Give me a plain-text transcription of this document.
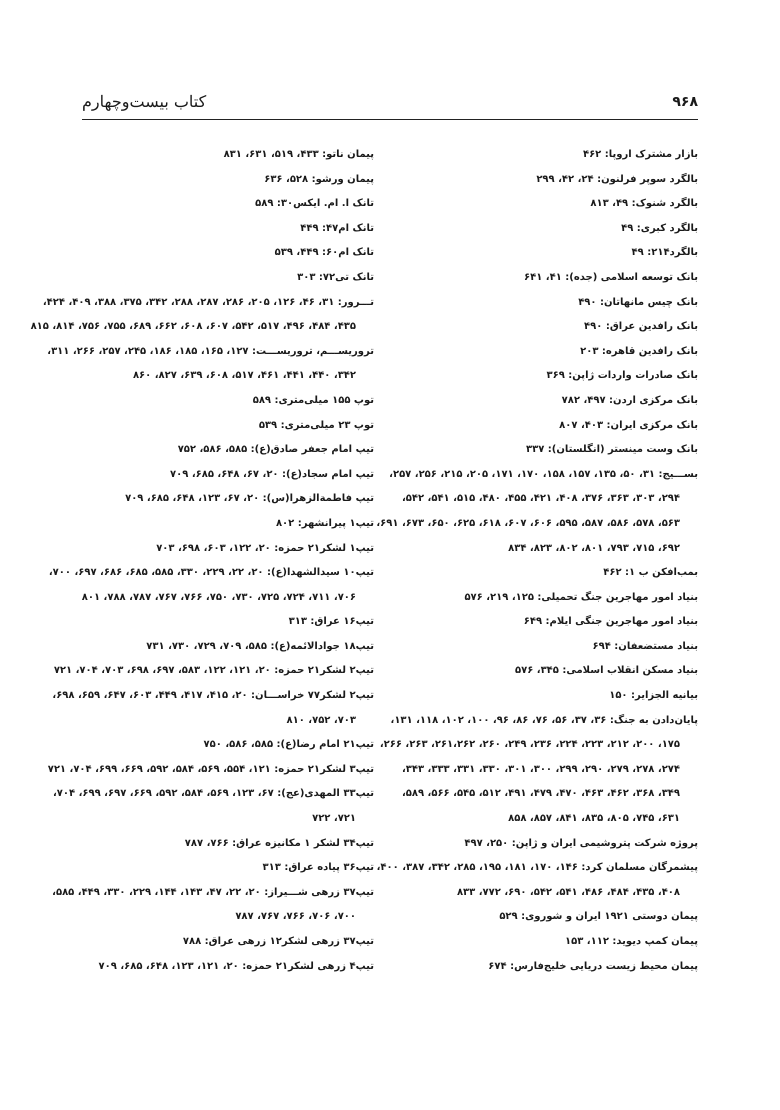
۹۶۸
کتاب بیست‌وچهارم
بازار مشترک اروپا: ۴۶۲
بالگرد سوپر فرلنون: ۲۴، ۴۲، ۲۹۹
بالگرد شنوک: ۴۹، ۸۱۳
بالگرد کبری: ۴۹
بالگرد۲۱۴: ۴۹
بانک توسعه اسلامی (جده): ۴۱، ۶۴۱
بانک چیس مانهاتان: ۴۹۰
بانک رافدین عراق: ۴۹۰
بانک رافدین قاهره: ۲۰۳
بانک صادرات واردات ژاپن: ۳۶۹
بانک مرکزی اردن: ۴۹۷، ۷۸۲
بانک مرکزی ایران: ۴۰۳، ۸۰۷
بانک وست مینستر (انگلستان): ۳۳۷
بســـیج: ۳۱، ۵۰، ۱۳۵، ۱۵۷، ۱۵۸، ۱۷۰، ۱۷۱، ۲۰۵، ۲۱۵، ۲۵۶، ۲۵۷،
۲۹۴، ۳۰۳، ۳۶۳، ۳۷۶، ۴۰۸، ۴۲۱، ۴۵۵، ۴۸۰، ۵۱۵، ۵۴۱، ۵۴۲،
۵۶۳، ۵۷۸، ۵۸۶، ۵۸۷، ۵۹۵، ۶۰۶، ۶۰۷، ۶۱۸، ۶۲۵، ۶۵۰، ۶۷۳، ۶۹۱،
۶۹۲، ۷۱۵، ۷۹۳، ۸۰۱، ۸۰۲، ۸۲۳، ۸۳۴
بمب‌افکن ب ۱: ۴۶۲
بنیاد امور مهاجرین جنگ تحمیلی: ۱۲۵، ۲۱۹، ۵۷۶
بنیاد امور مهاجرین جنگی ایلام: ۶۴۹
بنیاد مستضعفان: ۶۹۴
بنیاد مسکن انقلاب اسلامی: ۳۴۵، ۵۷۶
بیانیه الجزایر: ۱۵۰
پایان‌دادن به جنگ: ۳۶، ۳۷، ۵۶، ۷۶، ۸۶، ۹۶، ۱۰۰، ۱۰۲، ۱۱۸، ۱۳۱،
۱۷۵، ۲۰۰، ۲۱۲، ۲۲۳، ۲۲۴، ۲۳۶، ۲۴۹، ۲۶۰، ۲۶۱،۲۶۲، ۲۶۳، ۲۶۶،
۲۷۴، ۲۷۸، ۲۷۹، ۲۹۰، ۲۹۹، ۳۰۰، ۳۰۱، ۳۳۰، ۳۳۱، ۳۳۳، ۳۴۳،
۳۴۹، ۳۶۸، ۴۶۲، ۴۶۳، ۴۷۰، ۴۷۹، ۴۹۱، ۵۱۲، ۵۴۵، ۵۶۶، ۵۸۹،
۶۳۱، ۷۴۵، ۸۰۵، ۸۳۵، ۸۴۱، ۸۵۷، ۸۵۸
پروژه شرکت پتروشیمی ایران و ژاپن: ۲۵۰، ۴۹۷
پیشمرگان مسلمان کرد: ۱۴۶، ۱۷۰، ۱۸۱، ۱۹۵، ۲۸۵، ۳۴۲، ۳۸۷، ۴۰۰،
۴۰۸، ۴۳۵، ۴۸۴، ۴۸۶، ۵۴۱، ۵۴۲، ۶۹۰، ۷۷۲، ۸۳۳
پیمان دوستی ۱۹۲۱ ایران و شوروی: ۵۲۹
پیمان کمپ دیوید: ۱۱۲، ۱۵۳
پیمان محیط زیست دریایی خلیج‌فارس: ۶۷۴
پیمان ناتو: ۴۳۳، ۵۱۹، ۶۳۱، ۸۳۱
پیمان ورشو: ۵۲۸، ۶۳۶
تانک ا. ام. ایکس۳۰: ۵۸۹
تانک ام۴۷: ۴۴۹
تانک ام۶۰: ۴۴۹، ۵۳۹
تانک تی۷۲: ۳۰۳
تـــرور: ۳۱، ۴۶، ۱۲۶، ۲۰۵، ۲۸۶، ۲۸۷، ۲۸۸، ۳۴۲، ۳۷۵، ۳۸۸، ۴۰۹، ۴۲۴،
۴۳۵، ۴۸۴، ۴۹۶، ۵۱۷، ۵۴۲، ۶۰۷، ۶۰۸، ۶۶۲، ۶۸۹، ۷۵۵، ۷۵۶، ۸۱۴، ۸۱۵
تروریســـم، تروریســـت: ۱۲۷، ۱۶۵، ۱۸۵، ۱۸۶، ۲۴۵، ۲۵۷، ۲۶۶، ۳۱۱،
۳۴۲، ۴۴۰، ۴۴۱، ۴۶۱، ۵۱۷، ۶۰۸، ۶۳۹، ۸۲۷، ۸۶۰
توپ ۱۵۵ میلی‌متری: ۵۸۹
توپ ۲۳ میلی‌متری: ۵۳۹
تیپ امام جعفر صادق(ع): ۵۸۵، ۵۸۶، ۷۵۲
تیپ امام سجاد(ع): ۲۰، ۶۷، ۶۴۸، ۶۸۵، ۷۰۹
تیپ فاطمةالزهرا(س): ۲۰، ۶۷، ۱۲۳، ۶۴۸، ۶۸۵، ۷۰۹
تیپ۱ پیرانشهر: ۸۰۲
تیپ۱ لشکر۲۱ حمزه: ۲۰، ۱۲۲، ۶۰۳، ۶۹۸، ۷۰۳
تیپ۱۰ سیدالشهدا(ع): ۲۰، ۲۲، ۲۲۹، ۳۳۰، ۵۸۵، ۶۸۵، ۶۸۶، ۶۹۷، ۷۰۰،
۷۰۶، ۷۱۱، ۷۲۴، ۷۲۵، ۷۳۰، ۷۵۰، ۷۶۶، ۷۶۷، ۷۸۷، ۷۸۸، ۸۰۱
تیپ۱۶ عراق: ۳۱۳
تیپ۱۸ جوادالائمه(ع): ۵۸۵، ۷۰۹، ۷۲۹، ۷۳۰، ۷۳۱
تیپ۲ لشکر۲۱ حمزه: ۲۰، ۱۲۱، ۱۲۲، ۵۸۳، ۶۹۷، ۶۹۸، ۷۰۳، ۷۰۴، ۷۲۱
تیپ۲ لشکر۷۷ خراســـان: ۲۰، ۴۱۵، ۴۱۷، ۴۴۹، ۶۰۳، ۶۴۷، ۶۵۹، ۶۹۸،
۷۰۳، ۷۵۲، ۸۱۰
تیپ۲۱ امام رضا(ع): ۵۸۵، ۵۸۶، ۷۵۰
تیپ۳ لشکر۲۱ حمزه: ۱۲۱، ۵۵۴، ۵۶۹، ۵۸۴، ۵۹۲، ۶۶۹، ۶۹۹، ۷۰۴، ۷۲۱
تیپ۳۳ المهدی(عج): ۶۷، ۱۲۳، ۵۶۹، ۵۸۴، ۵۹۲، ۶۶۹، ۶۹۷، ۶۹۹، ۷۰۴،
۷۲۱، ۷۲۲
تیپ۳۴ لشکر ۱ مکانیزه عراق: ۷۶۶، ۷۸۷
تیپ۳۶ پیاده عراق: ۳۱۳
تیپ۳۷ زرهی شـــیراز: ۲۰، ۲۲، ۴۷، ۱۴۳، ۱۴۴، ۲۲۹، ۳۳۰، ۴۴۹، ۵۸۵،
۷۰۰، ۷۰۶، ۷۶۶، ۷۶۷، ۷۸۷
تیپ۳۷ زرهی لشکر۱۲ زرهی عراق: ۷۸۸
تیپ۴ زرهی لشکر۲۱ حمزه: ۲۰، ۱۲۱، ۱۲۳، ۶۴۸، ۶۸۵، ۷۰۹
